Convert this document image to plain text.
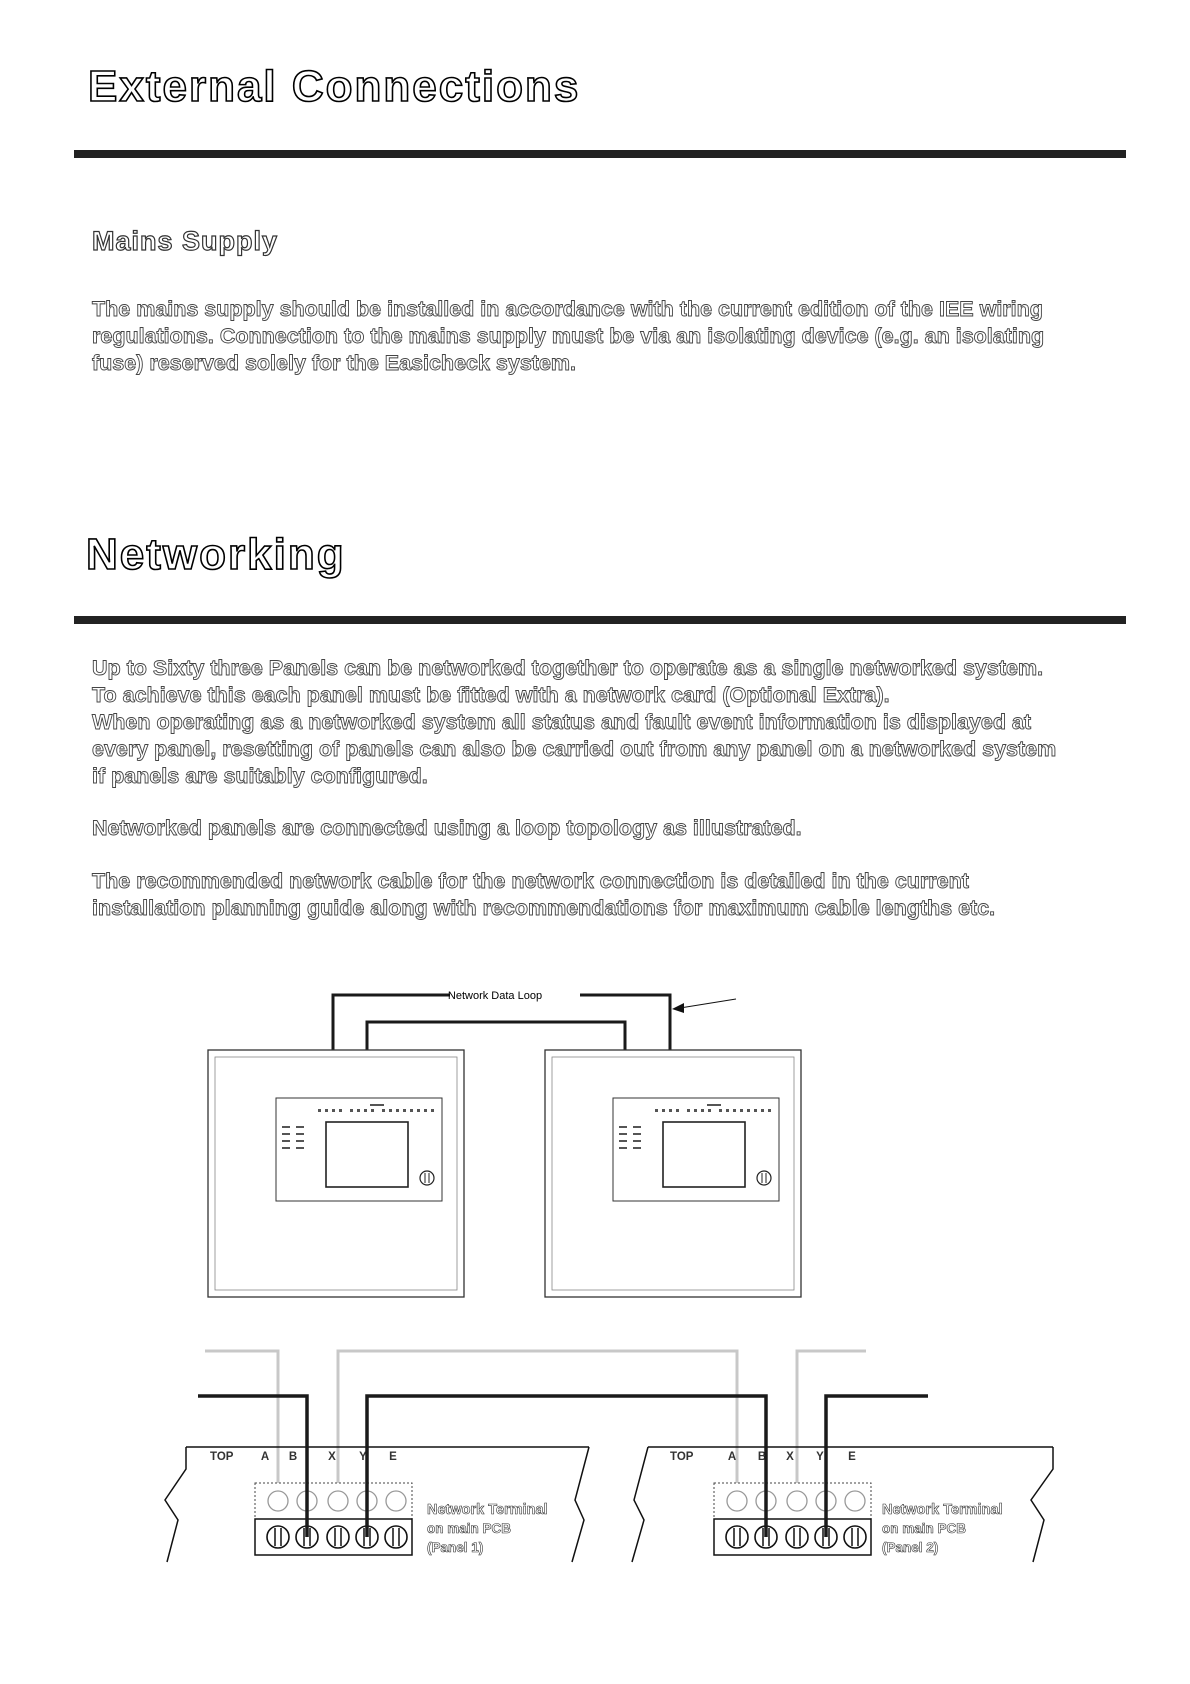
External Connections
Mains Supply
The mains supply should be installed in accordance with the current edition of the IEE wiring
regulations. Connection to the mains supply must be via an isolating device (e.g. an isolating
fuse) reserved solely for the Easicheck system.
Networking
Up to Sixty three Panels can be networked together to operate as a single networked system.
To achieve this each panel must be fitted with a network card (Optional Extra).
When operating as a networked system all status and fault event information is displayed at
every panel, resetting of panels can also be carried out from any panel on a networked system
if panels are suitably configured.
Networked panels are connected using a loop topology as illustrated.
The recommended network cable for the network connection is detailed in the current
installation planning guide along with recommendations for maximum cable lengths etc.
Network Data Loop
TOP A B	X Y E	TOP	A B X Y E
Network Terminal
on main PCB
(Panel 1)
Network Terminal
on main PCB
(Panel 2)
